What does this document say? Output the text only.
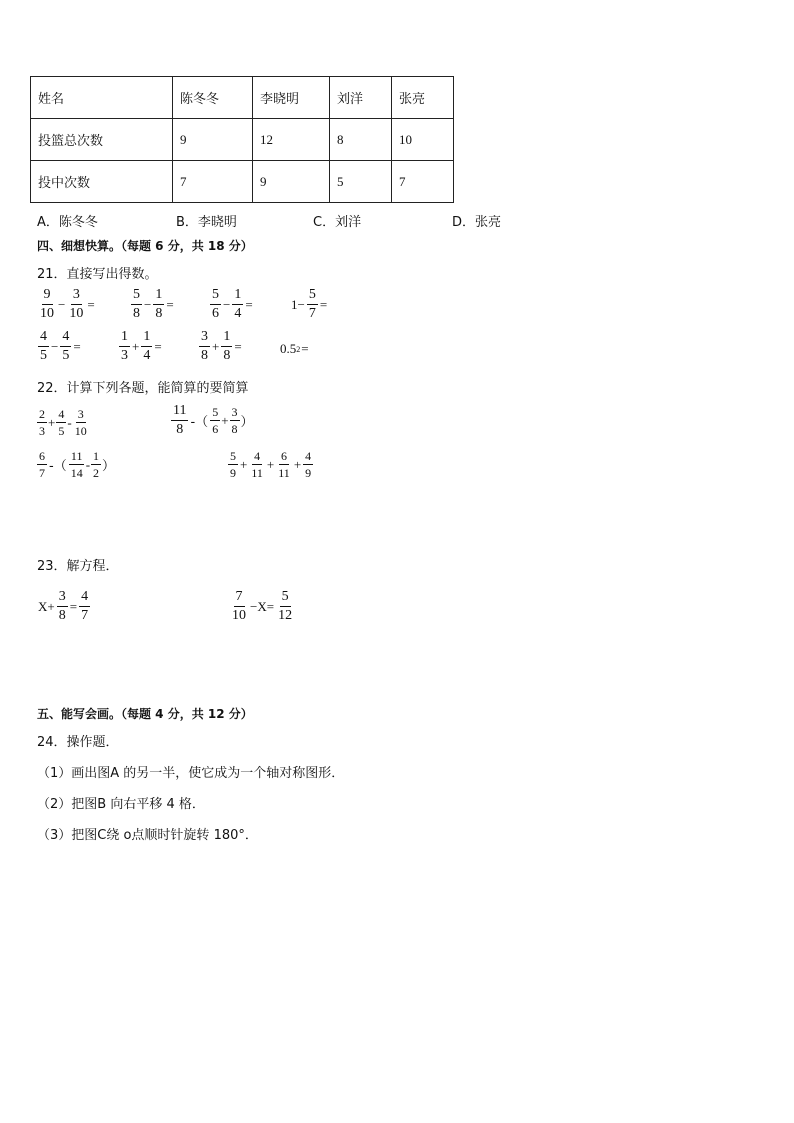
姓名	陈冬冬	李晓明	刘洋	张亮
投篮总次数	9	12	8	10
投中次数	7	9	5	7
A．陈冬冬	B．李晓明	C．刘洋	D．张亮
四、细想快算。（每题 6 分，共 18 分）
21．直接写出得数。
$\frac{9}{10} - \frac{3}{10}$ =	$\frac{5}{8} - \frac{1}{8}$ =	$\frac{5}{6} - \frac{1}{4}$ =	$1- \frac{5}{7}$ =
$\frac{4}{5} - \frac{4}{5}$ =	$\frac{1}{3} + \frac{1}{4}$ =	$\frac{3}{8} + \frac{1}{8}$ =	0.5 2 =
22．计算下列各题，能简算的要简算
$\frac{2}{3} + \frac{4}{5} - \frac{3}{10}$	$\frac{11}{8}$ -（ $\frac{5}{6} + \frac{3}{8}$ ）
$\frac{6}{7}$ -（ $\frac{11}{14} - \frac{1}{2}$ ）	$\frac{5}{9} + \frac{4}{11} + \frac{6}{11} + \frac{4}{9}$
23．解方程．
$X+ \frac{3}{8} = \frac{4}{7}$	$\frac{7}{10} -X= \frac{5}{12}$
五、能写会画。（每题 4 分，共 12 分）
24．操作题．
（1）画出图A 的另一半，使它成为一个轴对称图形．
（2）把图B 向右平移 4 格．
（3）把图C绕 o点顺时针旋转 180°．
